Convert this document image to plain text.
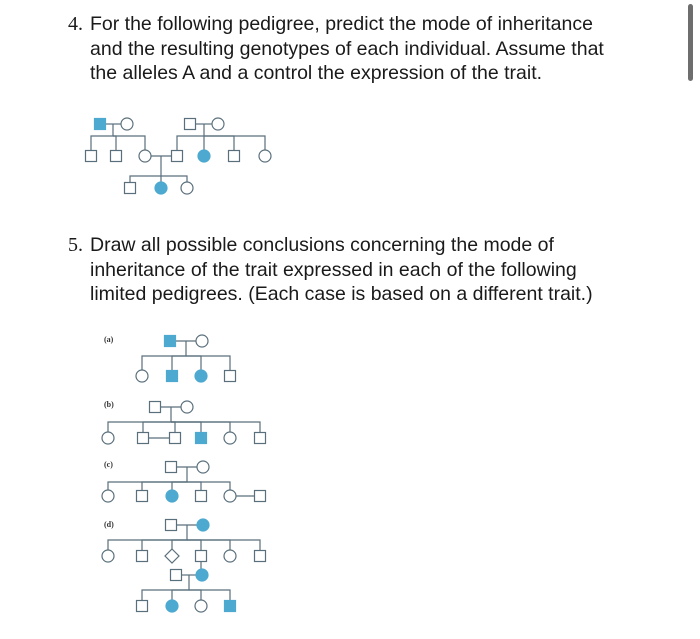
4. For the following pedigree, predict the mode of inheritance
and the resulting genotypes of each individual. Assume that
the alleles A and a control the expression of the trait.
5. Draw all possible conclusions concerning the mode of
inheritance of the trait expressed in each of the following
limited pedigrees. (Each case is based on a different trait.)
(a)
(b)
(c)
(d)
